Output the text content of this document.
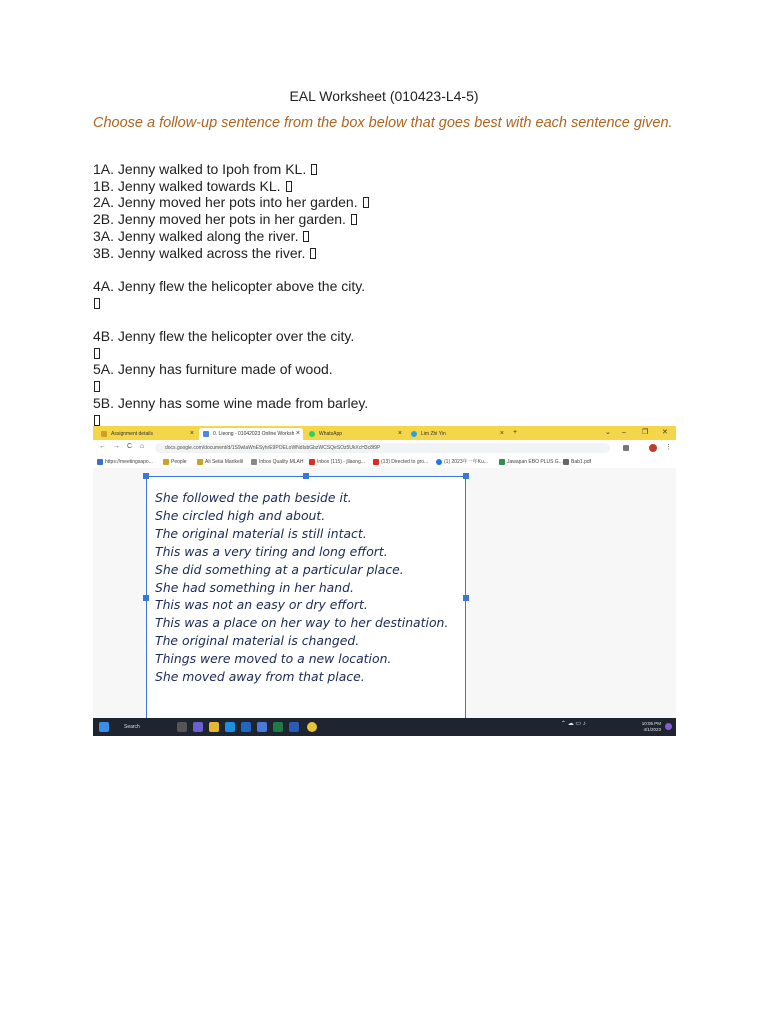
EAL Worksheet (010423-L4-5)
Choose a follow-up sentence from the box below that goes best with each sentence given.
1A. Jenny walked to Ipoh from KL.
1B. Jenny walked towards KL.
2A. Jenny moved her pots into her garden.
2B. Jenny moved her pots in her garden.
3A. Jenny walked along the river.
3B. Jenny walked across the river.
4A. Jenny flew the helicopter above the city.
4B. Jenny flew the helicopter over the city.
5A. Jenny has furniture made of wood.
5B. Jenny has some wine made from barley.
Assignment details	×	0. Lieong - 01042023 Online Worksh ×	WhatsApp	×	Lim Zhi Yin	× +	⌄ – ❐ ✕
← → C ⌂	docs.google.com/document/d/1S9wlaWnESyhrE9POELoWNdIsbGbzWCSQeSOz5UkXcH3c8t9P	⋮
https://meetingsapo...	People	Ali Setia Marikelil	Inbox Quality MLAH	Inbox (115) - jllaong...	(13) Directed to gro...	(1) 2023年一年Ku...	Jawapan EBO PLUS G...	Bab1.pdf
She followed the path beside it.
She circled high and about.
The original material is still intact.
This was a very tiring and long effort.
She did something at a particular place.
She had something in her hand.
This was not an easy or dry effort.
This was a place on her way to her destination.
The original material is changed.
Things were moved to a new location.
She moved away from that place.
Search	⌃ ☁ ▭ ♪	10:05 PM
4/1/2023
